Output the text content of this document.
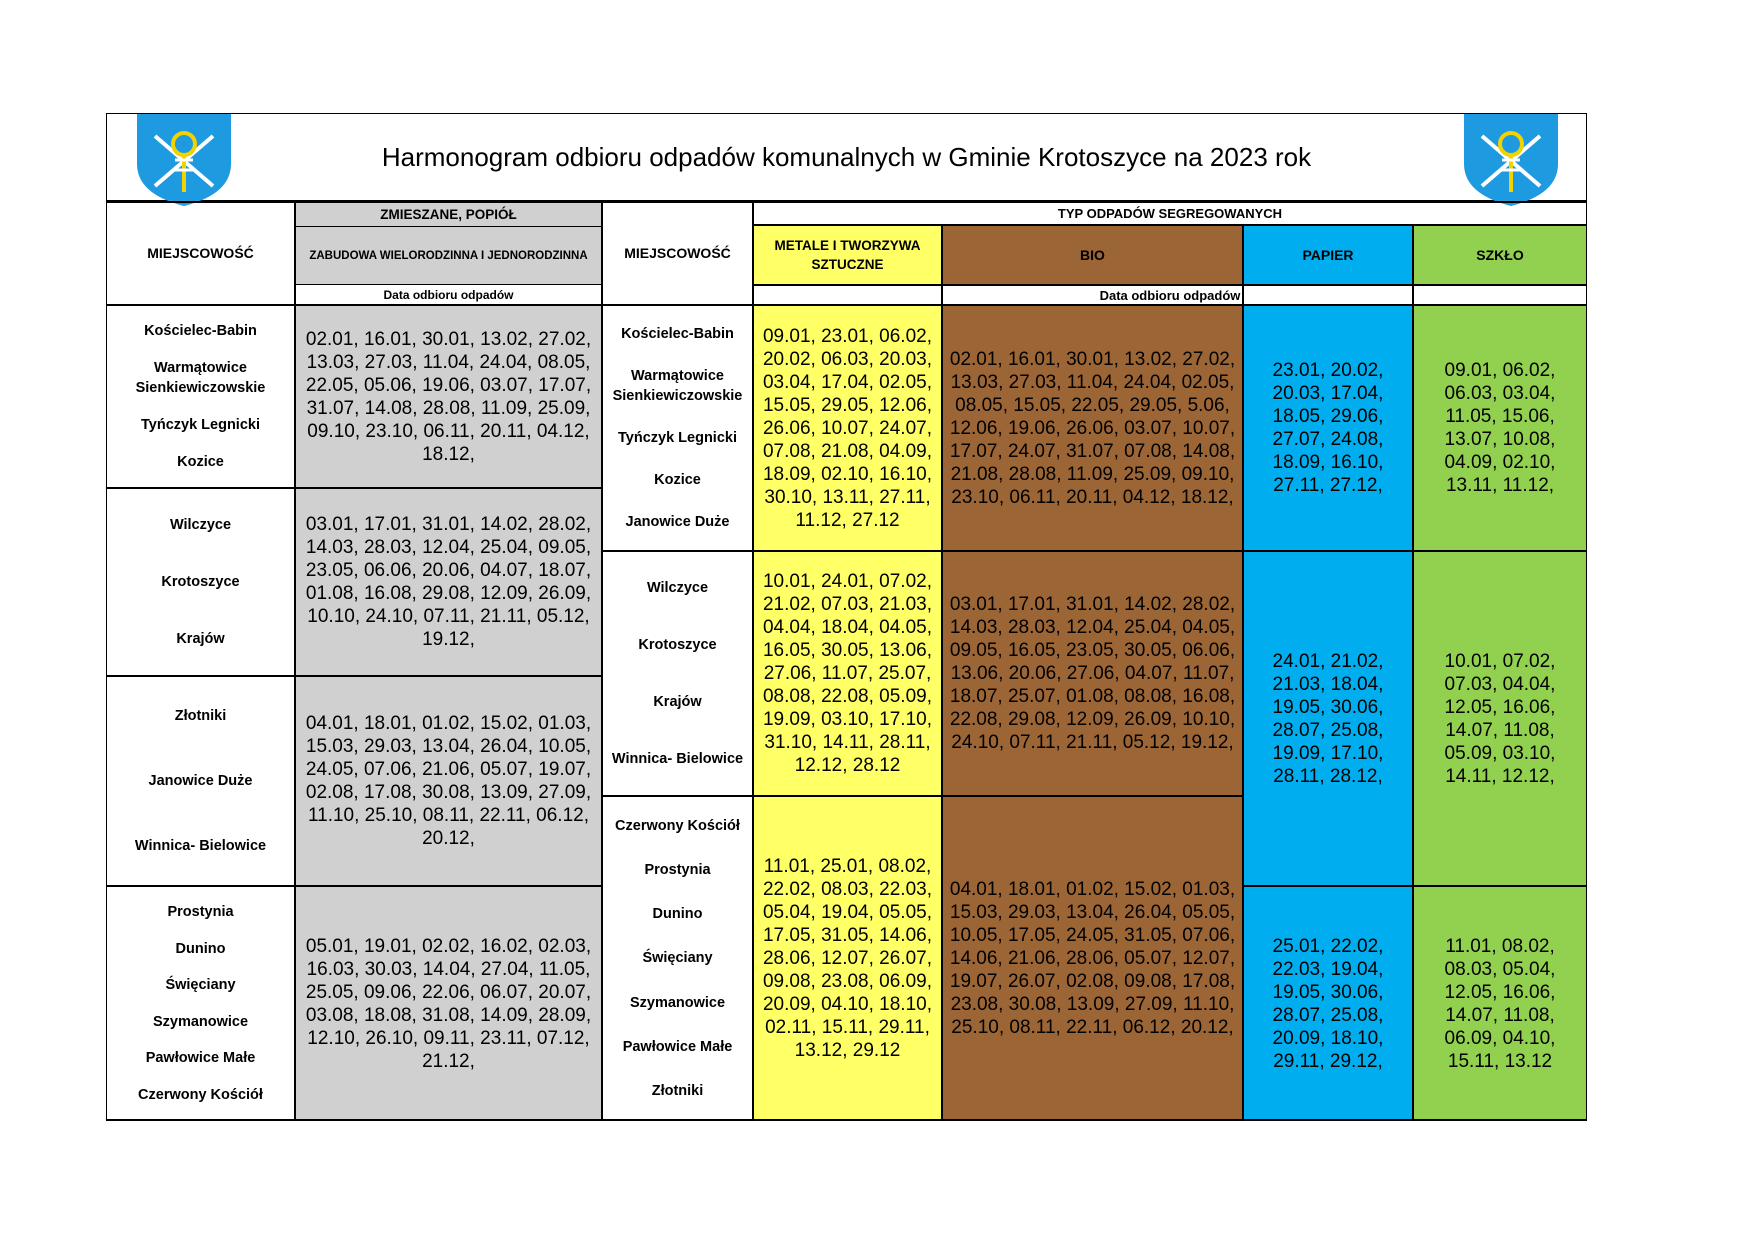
Harmonogram odbioru odpadów komunalnych w Gminie Krotoszyce na 2023 rok
MIEJSCOWOŚĆ
ZMIESZANE, POPIÓŁ
ZABUDOWA WIELORODZINNA I JEDNORODZINNA
Data odbioru odpadów
Kościelec-Babin
Warmątowice Sienkiewiczowskie
Tyńczyk Legnicki
Kozice
02.01, 16.01, 30.01, 13.02, 27.02, 13.03, 27.03, 11.04, 24.04, 08.05, 22.05, 05.06, 19.06, 03.07, 17.07, 31.07, 14.08, 28.08, 11.09, 25.09, 09.10, 23.10, 06.11, 20.11, 04.12, 18.12,
Wilczyce
Krotoszyce
Krajów
03.01, 17.01, 31.01, 14.02, 28.02, 14.03, 28.03, 12.04, 25.04, 09.05, 23.05, 06.06, 20.06, 04.07, 18.07, 01.08, 16.08, 29.08, 12.09, 26.09, 10.10, 24.10, 07.11, 21.11, 05.12, 19.12,
Złotniki
Janowice Duże
Winnica- Bielowice
04.01, 18.01, 01.02, 15.02, 01.03, 15.03, 29.03, 13.04, 26.04, 10.05, 24.05, 07.06, 21.06, 05.07, 19.07, 02.08, 17.08, 30.08, 13.09, 27.09, 11.10, 25.10, 08.11, 22.11, 06.12, 20.12,
Prostynia
Dunino
Święciany
Szymanowice
Pawłowice Małe
Czerwony Kościół
05.01, 19.01, 02.02, 16.02, 02.03, 16.03, 30.03, 14.04, 27.04, 11.05, 25.05, 09.06, 22.06, 06.07, 20.07, 03.08, 18.08, 31.08, 14.09, 28.09, 12.10, 26.10, 09.11, 23.11, 07.12, 21.12,
MIEJSCOWOŚĆ
TYP ODPADÓW SEGREGOWANYCH
METALE I TWORZYWA SZTUCZNE
BIO	PAPIER	SZKŁO
Data odbioru odpadów
Kościelec-Babin
Warmątowice Sienkiewiczowskie
Tyńczyk Legnicki
Kozice
Janowice Duże
09.01, 23.01, 06.02, 20.02, 06.03, 20.03, 03.04, 17.04, 02.05, 15.05, 29.05, 12.06, 26.06, 10.07, 24.07, 07.08, 21.08, 04.09, 18.09, 02.10, 16.10, 30.10, 13.11, 27.11, 11.12, 27.12
02.01, 16.01, 30.01, 13.02, 27.02, 13.03, 27.03, 11.04, 24.04, 02.05, 08.05, 15.05, 22.05, 29.05, 5.06, 12.06, 19.06, 26.06, 03.07, 10.07, 17.07, 24.07, 31.07, 07.08, 14.08, 21.08, 28.08, 11.09, 25.09, 09.10, 23.10, 06.11, 20.11, 04.12, 18.12,
Wilczyce
Krotoszyce
Krajów
Winnica- Bielowice
10.01, 24.01, 07.02, 21.02, 07.03, 21.03, 04.04, 18.04, 04.05, 16.05, 30.05, 13.06, 27.06, 11.07, 25.07, 08.08, 22.08, 05.09, 19.09, 03.10, 17.10, 31.10, 14.11, 28.11, 12.12, 28.12
03.01, 17.01, 31.01, 14.02, 28.02, 14.03, 28.03, 12.04, 25.04, 04.05, 09.05, 16.05, 23.05, 30.05, 06.06, 13.06, 20.06, 27.06, 04.07, 11.07, 18.07, 25.07, 01.08, 08.08, 16.08, 22.08, 29.08, 12.09, 26.09, 10.10, 24.10, 07.11, 21.11, 05.12, 19.12,
Czerwony Kościół
Prostynia
Dunino
Święciany
Szymanowice
Pawłowice Małe
Złotniki
11.01, 25.01, 08.02, 22.02, 08.03, 22.03, 05.04, 19.04, 05.05, 17.05, 31.05, 14.06, 28.06, 12.07, 26.07, 09.08, 23.08, 06.09, 20.09, 04.10, 18.10, 02.11, 15.11, 29.11, 13.12, 29.12
04.01, 18.01, 01.02, 15.02, 01.03, 15.03, 29.03, 13.04, 26.04, 05.05, 10.05, 17.05, 24.05, 31.05, 07.06, 14.06, 21.06, 28.06, 05.07, 12.07, 19.07, 26.07, 02.08, 09.08, 17.08, 23.08, 30.08, 13.09, 27.09, 11.10, 25.10, 08.11, 22.11, 06.12, 20.12,
23.01, 20.02, 20.03, 17.04, 18.05, 29.06, 27.07, 24.08, 18.09, 16.10, 27.11, 27.12,
24.01, 21.02, 21.03, 18.04, 19.05, 30.06, 28.07, 25.08, 19.09, 17.10, 28.11, 28.12,
25.01, 22.02, 22.03, 19.04, 19.05, 30.06, 28.07, 25.08, 20.09, 18.10, 29.11, 29.12,
09.01, 06.02, 06.03, 03.04, 11.05, 15.06, 13.07, 10.08, 04.09, 02.10, 13.11, 11.12,
10.01, 07.02, 07.03, 04.04, 12.05, 16.06, 14.07, 11.08, 05.09, 03.10, 14.11, 12.12,
11.01, 08.02, 08.03, 05.04, 12.05, 16.06, 14.07, 11.08, 06.09, 04.10, 15.11, 13.12
